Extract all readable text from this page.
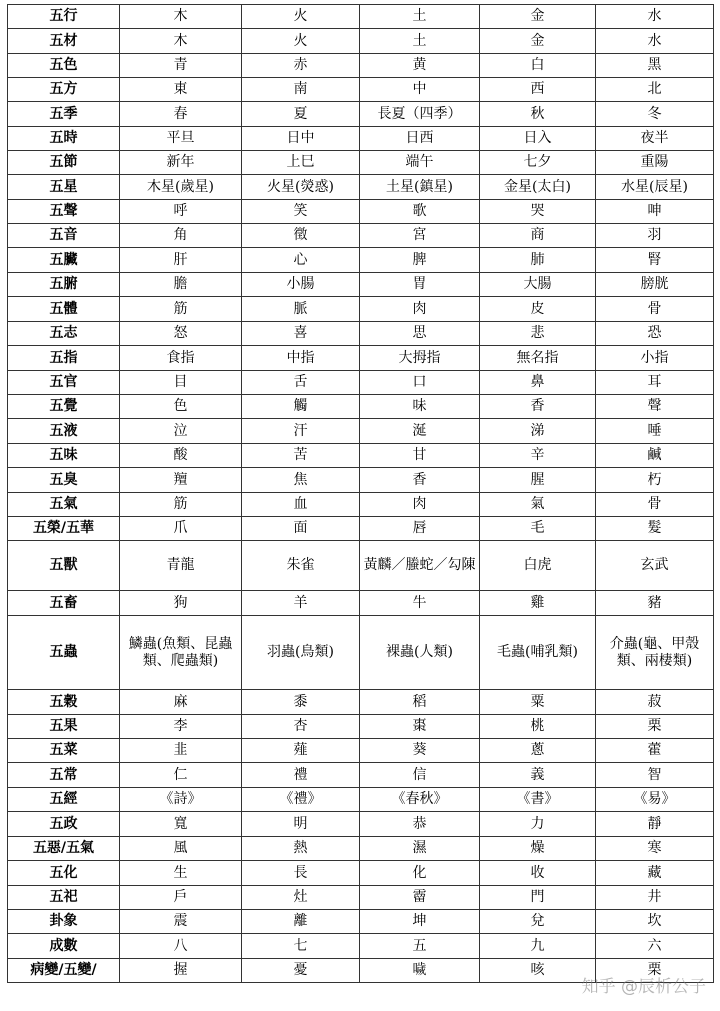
五行	木	火	土	金	水
五材	木	火	土	金	水
五色	青	赤	黄	白	黑
五方	東	南	中	西	北
五季	春	夏	長夏（四季）	秋	冬
五時	平旦	日中	日西	日入	夜半
五節	新年	上巳	端午	七夕	重陽
五星	木星(歲星)	火星(熒惑)	土星(鎮星)	金星(太白)	水星(辰星)
五聲	呼	笑	歌	哭	呻
五音	角	徵	宮	商	羽
五臟	肝	心	脾	肺	腎
五腑	膽	小腸	胃	大腸	膀胱
五體	筋	脈	肉	皮	骨
五志	怒	喜	思	悲	恐
五指	食指	中指	大拇指	無名指	小指
五官	目	舌	口	鼻	耳
五覺	色	觸	味	香	聲
五液	泣	汗	涎	涕	唾
五味	酸	苦	甘	辛	鹹
五臭	羶	焦	香	腥	朽
五氣	筋	血	肉	氣	骨
五榮/五華	爪	面	唇	毛	髮
五獸	青龍	朱雀	黃麟／螣蛇／勾陳	白虎	玄武
五畜	狗	羊	牛	雞	豬
五蟲	鱗蟲(魚類、昆蟲類、爬蟲類)	羽蟲(鳥類)	裸蟲(人類)	毛蟲(哺乳類)	介蟲(龜、甲殼類、兩棲類)
五穀	麻	黍	稻	粟	菽
五果	李	杏	棗	桃	栗
五菜	韭	薤	葵	蔥	藿
五常	仁	禮	信	義	智
五經	《詩》	《禮》	《春秋》	《書》	《易》
五政	寬	明	恭	力	靜
五惡/五氣	風	熱	濕	燥	寒
五化	生	長	化	收	藏
五祀	戶	灶	霤	門	井
卦象	震	離	坤	兌	坎
成數	八	七	五	九	六
病變/五變/	握	憂	噦	咳	栗
知乎 @辰析公子
